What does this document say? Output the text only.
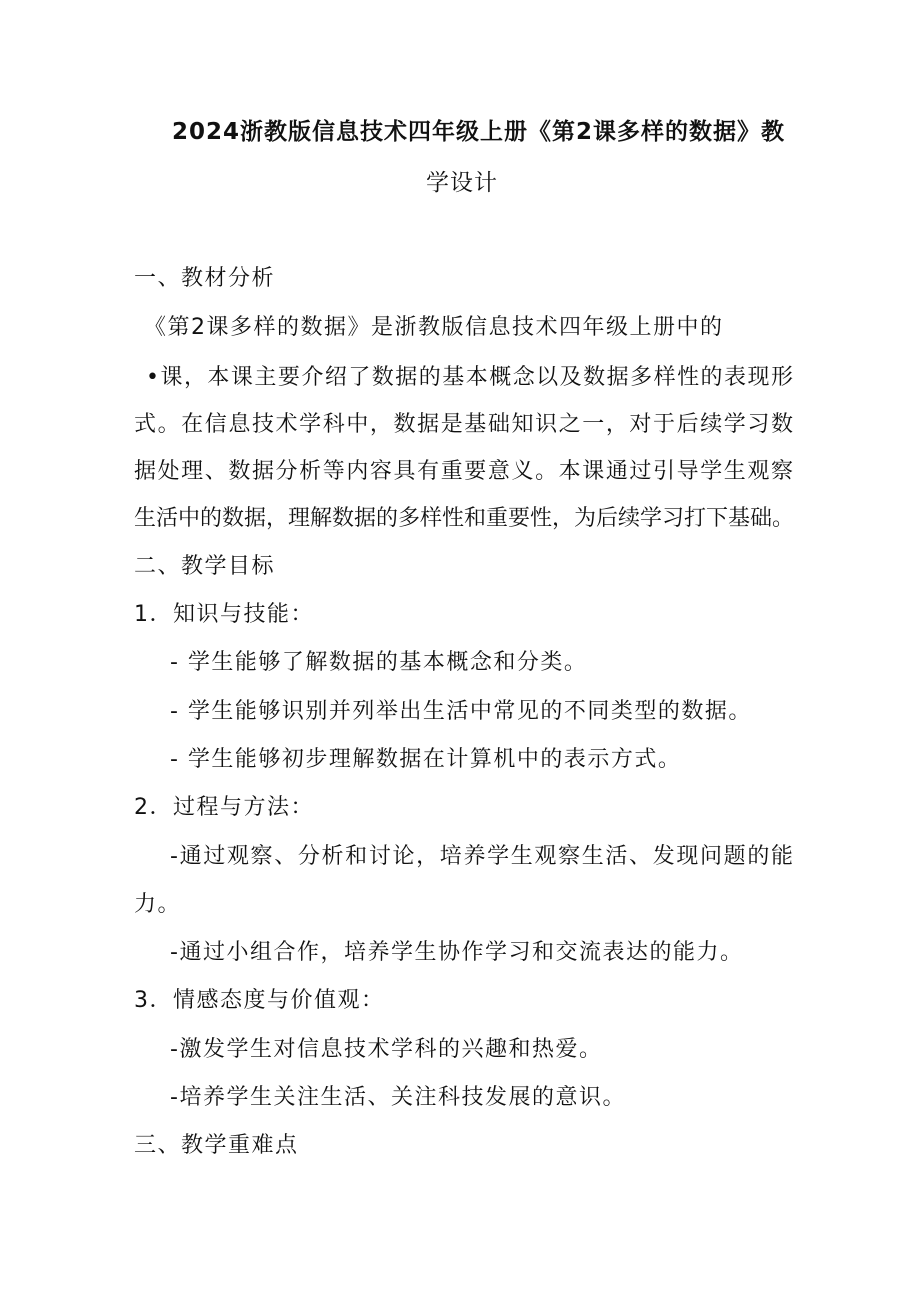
2024浙教版信息技术四年级上册《第2课多样的数据》教
学设计
一、教材分析
《第2课多样的数据》是浙教版信息技术四年级上册中的
•课，本课主要介绍了数据的基本概念以及数据多样性的表现形
式。在信息技术学科中，数据是基础知识之一，对于后续学习数
据处理、数据分析等内容具有重要意义。本课通过引导学生观察
生活中的数据，理解数据的多样性和重要性，为后续学习打下基础。
二、教学目标
1．知识与技能：
- 学生能够了解数据的基本概念和分类。
- 学生能够识别并列举出生活中常见的不同类型的数据。
- 学生能够初步理解数据在计算机中的表示方式。
2．过程与方法：
-通过观察、分析和讨论，培养学生观察生活、发现问题的能
力。
-通过小组合作，培养学生协作学习和交流表达的能力。
3．情感态度与价值观：
-激发学生对信息技术学科的兴趣和热爱。
-培养学生关注生活、关注科技发展的意识。
三、教学重难点
